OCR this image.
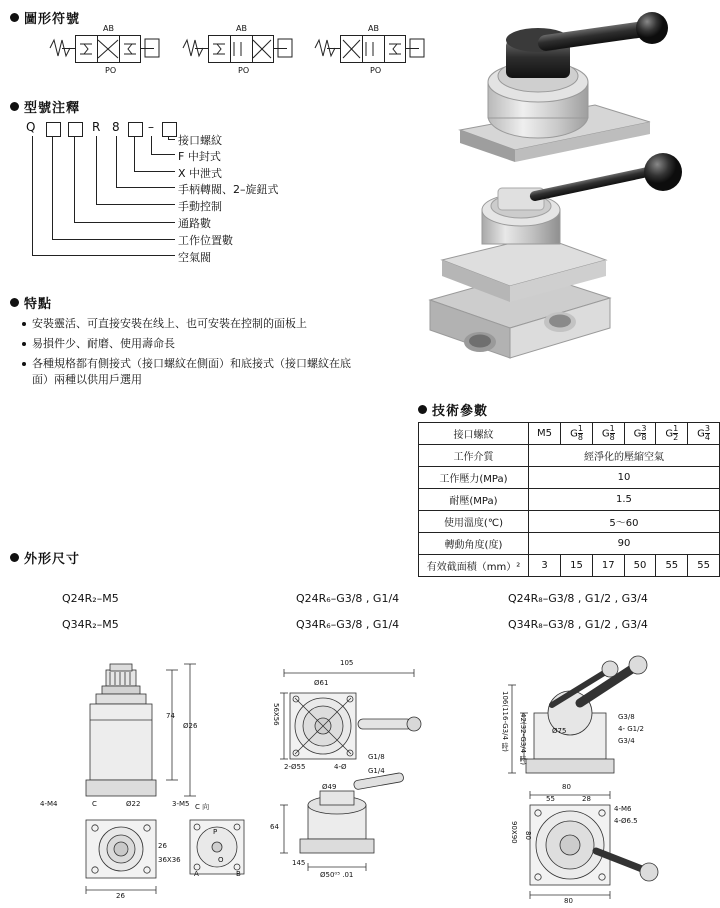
圖形符號
AB
PO
AB
PO
AB
PO
型號注釋
Q	R 8 –
接口螺紋
F 中封式
X 中泄式
手柄轉閥、2–旋鈕式
手動控制
通路數
工作位置數
空氣閥
特點
安裝靈活、可直接安裝在线上、也可安裝在控制的面板上
易損件少、耐磨、使用壽命長
各種規格都有側接式（接口螺紋在側面）和底接式（接口螺紋在底面）兩種以供用戶選用
技術參數
接口螺紋	M5	G $\frac{1}{8}$	G $\frac{1}{8}$	G $\frac{3}{8}$	G $\frac{1}{2}$	G $\frac{3}{4}$

工作介質	經淨化的壓縮空氣					
工作壓力(MPa)	10					
耐壓(MPa)	1.5					
使用溫度(℃)	5～60					
轉動角度(度)	90					
有效截面積（mm）²	3	15	17	50	55	55
外形尺寸
Q24R₂–M5
Q34R₂–M5
Q24R₆–G3/8 , G1/4
Q34R₆–G3/8 , G1/4
Q24R₈–G3/8 , G1/2 , G3/4
Q34R₈–G3/8 , G1/2 , G3/4
74
Ø26
4-M4	C	Ø22	3-M5
26
26
36X36
C 向
P
A	B
O
105
Ø61
56X56
2-Ø55	4-Ø
G1/8
G1/4
64
Ø49
145
Ø50⁰⁵ .01
Ø75
G3/8
4- G1/2
G3/4
42(32-G3/4 時)
106(116-G3/4 時)
80
55	28
4-M6
4-Ø6.5
90X90 80
80
